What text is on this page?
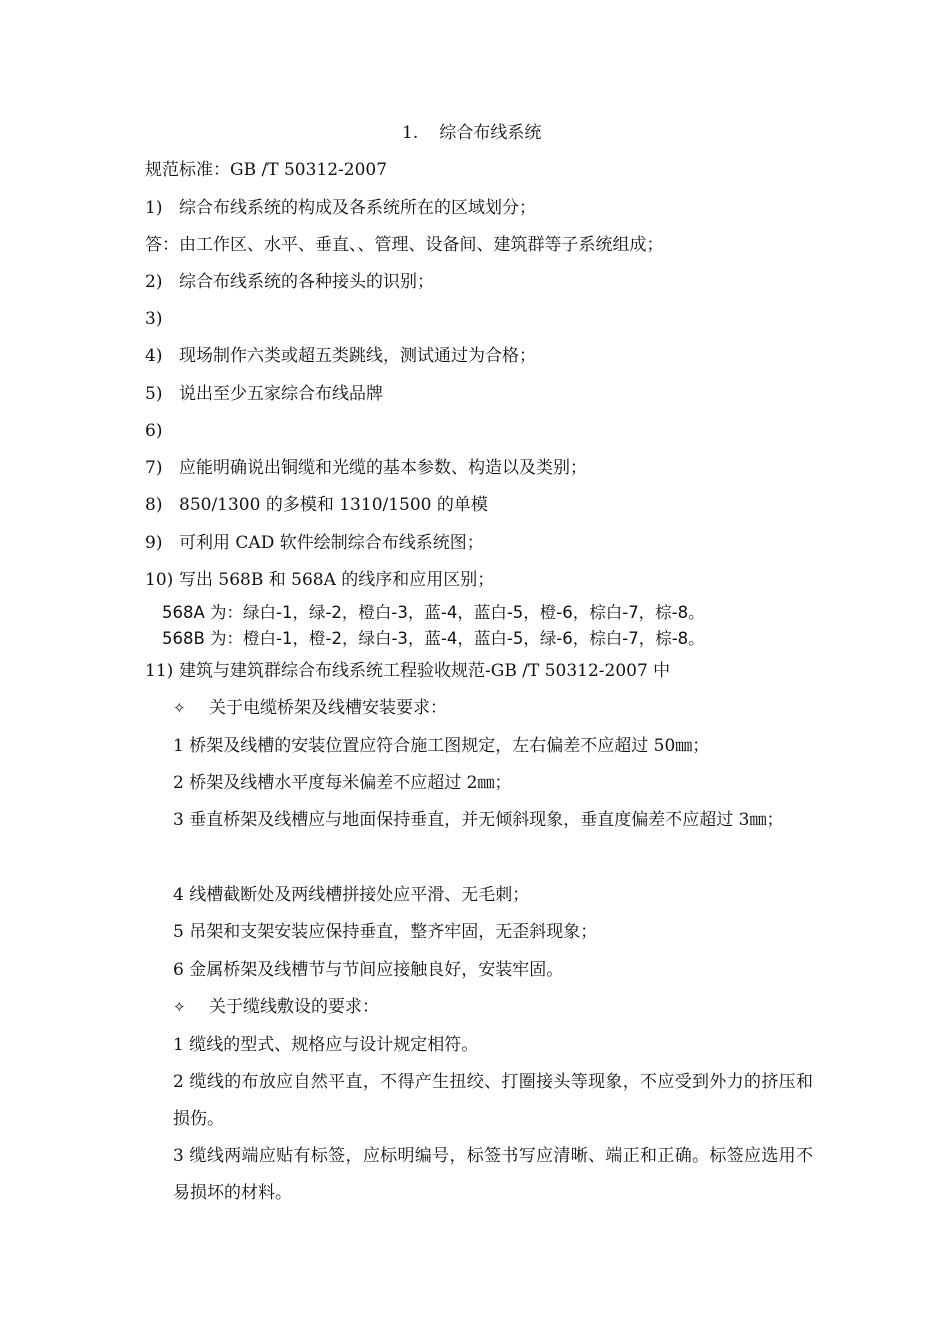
1. 综合布线系统
规范标准：GB /T 50312-2007
1) 综合布线系统的构成及各系统所在的区域划分；
答：由工作区、水平、垂直、、管理、设备间、建筑群等子系统组成；
2) 综合布线系统的各种接头的识别；
3)
4) 现场制作六类或超五类跳线，测试通过为合格；
5) 说出至少五家综合布线品牌
6)
7) 应能明确说出铜缆和光缆的基本参数、构造以及类别；
8) 850/1300 的多模和 1310/1500 的单模
9) 可利用 CAD 软件绘制综合布线系统图；
10) 写出 568B 和 568A 的线序和应用区别；
568A 为：绿白-1，绿-2，橙白-3，蓝-4，蓝白-5，橙-6，棕白-7，棕-8。
568B 为：橙白-1，橙-2，绿白-3，蓝-4，蓝白-5，绿-6，棕白-7，棕-8。
11) 建筑与建筑群综合布线系统工程验收规范-GB /T 50312-2007 中
✧	关于电缆桥架及线槽安装要求：
1 桥架及线槽的安装位置应符合施工图规定，左右偏差不应超过 50㎜；
2 桥架及线槽水平度每米偏差不应超过 2㎜；
3 垂直桥架及线槽应与地面保持垂直，并无倾斜现象，垂直度偏差不应超过 3㎜；
4 线槽截断处及两线槽拼接处应平滑、无毛刺；
5 吊架和支架安装应保持垂直，整齐牢固，无歪斜现象；
6 金属桥架及线槽节与节间应接触良好，安装牢固。
✧	关于缆线敷设的要求：
1 缆线的型式、规格应与设计规定相符。
2 缆线的布放应自然平直，不得产生扭绞、打圈接头等现象，不应受到外力的挤压和损伤。
3 缆线两端应贴有标签，应标明编号，标签书写应清晰、端正和正确。标签应选用不易损坏的材料。
